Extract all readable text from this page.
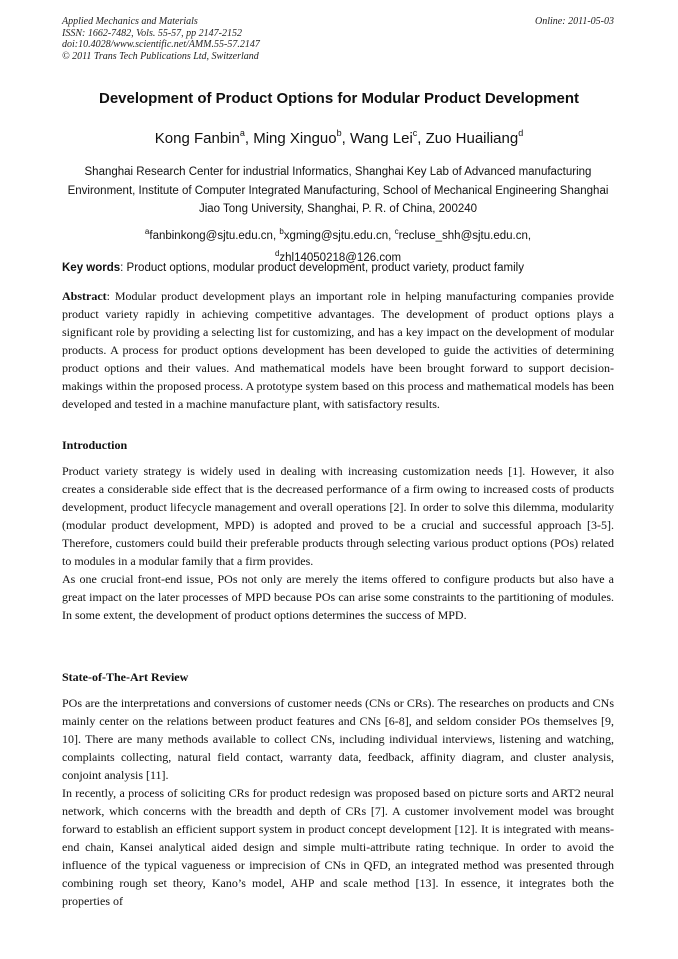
Applied Mechanics and Materials
ISSN: 1662-7482, Vols. 55-57, pp 2147-2152
doi:10.4028/www.scientific.net/AMM.55-57.2147
© 2011 Trans Tech Publications Ltd, Switzerland
Online: 2011-05-03
Development of Product Options for Modular Product Development
Kong Fanbin$^a$, Ming Xinguo$^b$, Wang Lei$^c$, Zuo Huailiang$^d$
Shanghai Research Center for industrial Informatics, Shanghai Key Lab of Advanced manufacturing Environment, Institute of Computer Integrated Manufacturing, School of Mechanical Engineering Shanghai Jiao Tong University, Shanghai, P. R. of China, 200240
$^a$fanbinkong@sjtu.edu.cn, $^b$xgming@sjtu.edu.cn, $^c$recluse_shh@sjtu.edu.cn,
$^d$zhl14050218@126.com
Key words: Product options, modular product development, product variety, product family

Abstract: Modular product development plays an important role in helping manufacturing companies provide product variety rapidly in achieving competitive advantages. The development of product options plays a significant role by providing a selecting list for customizing, and has a key impact on the development of modular products. A process for product options development has been developed to guide the activities of determining product options and their values. And mathematical models have been brought forward to support decision-makings within the proposed process. A prototype system based on this process and mathematical models has been developed and tested in a machine manufacture plant, with satisfactory results.

Introduction

Product variety strategy is widely used in dealing with increasing customization needs [1]. However, it also creates a considerable side effect that is the decreased performance of a firm owing to increased costs of products development, product lifecycle management and overall operations [2]. In order to solve this dilemma, modularity (modular product development, MPD) is adopted and proved to be a crucial and successful approach [3-5]. Therefore, customers could build their preferable products through selecting various product options (POs) related to modules in a modular family that a firm provides.

As one crucial front-end issue, POs not only are merely the items offered to configure products but also have a great impact on the later processes of MPD because POs can arise some constraints to the partitioning of modules. In some extent, the development of product options determines the success of MPD.

State-of-The-Art Review

POs are the interpretations and conversions of customer needs (CNs or CRs). The researches on products and CNs mainly center on the relations between product features and CNs [6-8], and seldom consider POs themselves [9, 10]. There are many methods available to collect CNs, including individual interviews, listening and watching, complaints collecting, natural field contact, warranty data, feedback, affinity diagram, and cluster analysis, conjoint analysis [11].

In recently, a process of soliciting CRs for product redesign was proposed based on picture sorts and ART2 neural network, which concerns with the breadth and depth of CRs [7]. A customer involvement model was brought forward to establish an efficient support system in product concept development [12]. It is integrated with means-end chain, Kansei analytical aided design and simple multi-attribute rating technique. In order to avoid the influence of the typical vagueness or imprecision of CNs in QFD, an integrated method was presented through combining rough set theory, Kano’s model, AHP and scale method [13]. In essence, it integrates both the properties of
